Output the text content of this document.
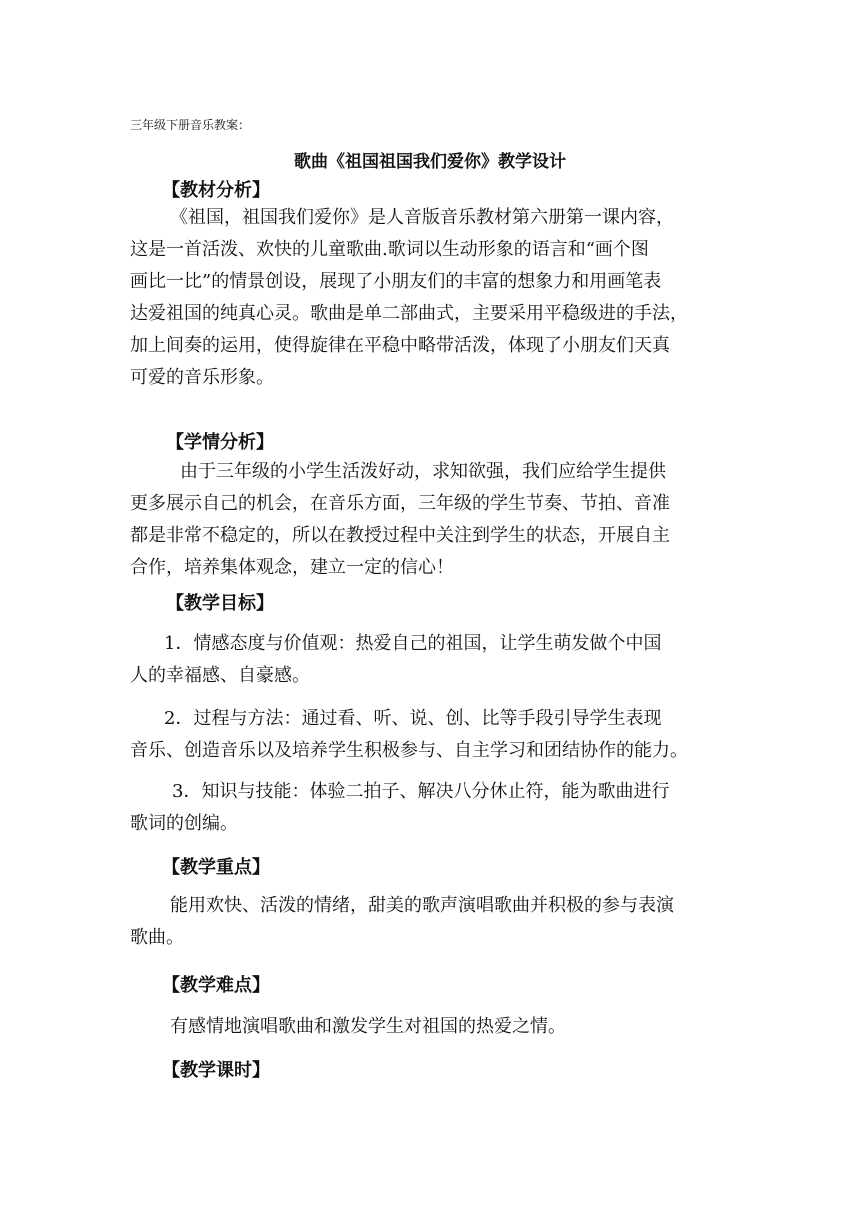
三年级下册音乐教案：
歌曲《祖国祖国我们爱你》教学设计
【教材分析】
《祖国，祖国我们爱你》是人音版音乐教材第六册第一课内容，
这是一首活泼、欢快的儿童歌曲.歌词以生动形象的语言和“画个图
画比一比”的情景创设，展现了小朋友们的丰富的想象力和用画笔表
达爱祖国的纯真心灵。歌曲是单二部曲式，主要采用平稳级进的手法，
加上间奏的运用，使得旋律在平稳中略带活泼，体现了小朋友们天真
可爱的音乐形象。
【学情分析】
由于三年级的小学生活泼好动，求知欲强，我们应给学生提供
更多展示自己的机会，在音乐方面，三年级的学生节奏、节拍、音准
都是非常不稳定的，所以在教授过程中关注到学生的状态，开展自主
合作，培养集体观念，建立一定的信心！
【教学目标】
1．情感态度与价值观：热爱自己的祖国，让学生萌发做个中国
人的幸福感、自豪感。
2．过程与方法：通过看、听、说、创、比等手段引导学生表现
音乐、创造音乐以及培养学生积极参与、自主学习和团结协作的能力。
3．知识与技能：体验二拍子、解决八分休止符，能为歌曲进行
歌词的创编。
【教学重点】
能用欢快、活泼的情绪，甜美的歌声演唱歌曲并积极的参与表演
歌曲。
【教学难点】
有感情地演唱歌曲和激发学生对祖国的热爱之情。
【教学课时】
